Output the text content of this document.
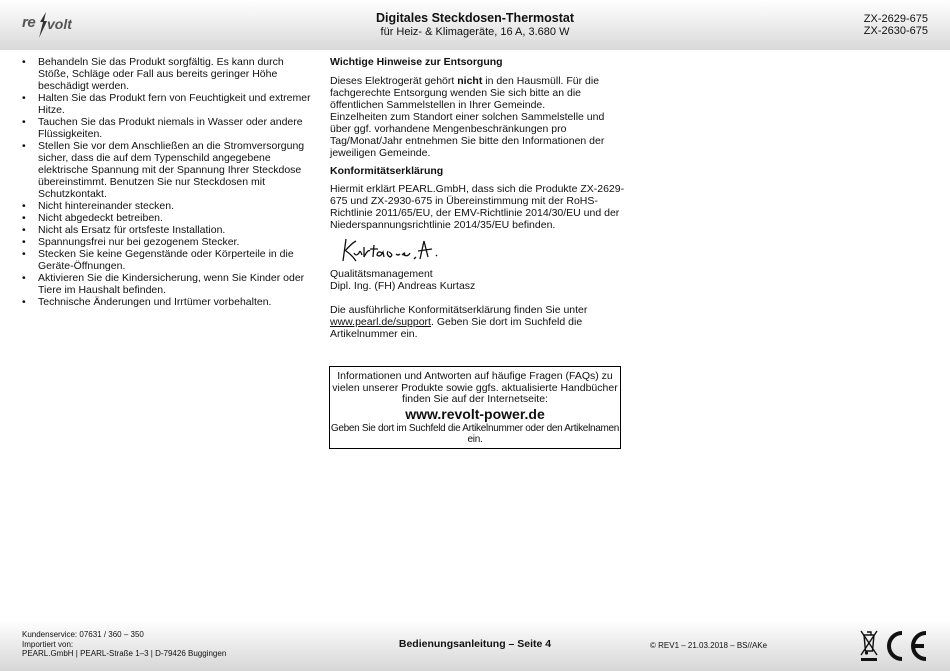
re volt	Digitales Steckdosen-Thermostat
für Heiz- & Klimageräte, 16 A, 3.680 W
ZX-2629-675
ZX-2630-675
• Behandeln Sie das Produkt sorgfältig. Es kann durch Stöße, Schläge oder Fall aus bereits geringer Höhe beschädigt werden.
• Halten Sie das Produkt fern von Feuchtigkeit und extremer Hitze.
• Tauchen Sie das Produkt niemals in Wasser oder andere Flüssigkeiten.
• Stellen Sie vor dem Anschließen an die Stromversorgung sicher, dass die auf dem Typenschild angegebene elektrische Spannung mit der Spannung Ihrer Steckdose übereinstimmt. Benutzen Sie nur Steckdosen mit Schutzkontakt.
• Nicht hintereinander stecken.
• Nicht abgedeckt betreiben.
• Nicht als Ersatz für ortsfeste Installation.
• Spannungsfrei nur bei gezogenem Stecker.
• Stecken Sie keine Gegenstände oder Körperteile in die Geräte-Öffnungen.
• Aktivieren Sie die Kindersicherung, wenn Sie Kinder oder Tiere im Haushalt befinden.
• Technische Änderungen und Irrtümer vorbehalten.

Wichtige Hinweise zur Entsorgung

Dieses Elektrogerät gehört nicht in den Hausmüll. Für die fachgerechte Entsorgung wenden Sie sich bitte an die öffentlichen Sammelstellen in Ihrer Gemeinde.

Einzelheiten zum Standort einer solchen Sammelstelle und über ggf. vorhandene Mengenbeschränkungen pro Tag/Monat/Jahr entnehmen Sie bitte den Informationen der jeweiligen Gemeinde.

Konformitätserklärung

Hiermit erklärt PEARL.GmbH, dass sich die Produkte ZX-2629-675 und ZX-2930-675 in Übereinstimmung mit der RoHS-Richtlinie 2011/65/EU, der EMV-Richtlinie 2014/30/EU und der Niederspannungsrichtlinie 2014/35/EU befinden.

Qualitätsmanagement

Dipl. Ing. (FH) Andreas Kurtasz

Die ausführliche Konformitätserklärung finden Sie unter www.pearl.de/support. Geben Sie dort im Suchfeld die Artikelnummer ein.

Informationen und Antworten auf häufige Fragen (FAQs) zu vielen unserer Produkte sowie ggfs. aktualisierte Handbücher finden Sie auf der Internetseite:
www.revolt-power.de
Geben Sie dort im Suchfeld die Artikelnummer oder den Artikelnamen ein.
Kundenservice: 07631 / 360 – 350
Importiert von:
PEARL.GmbH | PEARL-Straße 1–3 | D-79426 Buggingen
Bedienungsanleitung – Seite 4	© REV1 – 21.03.2018 – BS//AKe
